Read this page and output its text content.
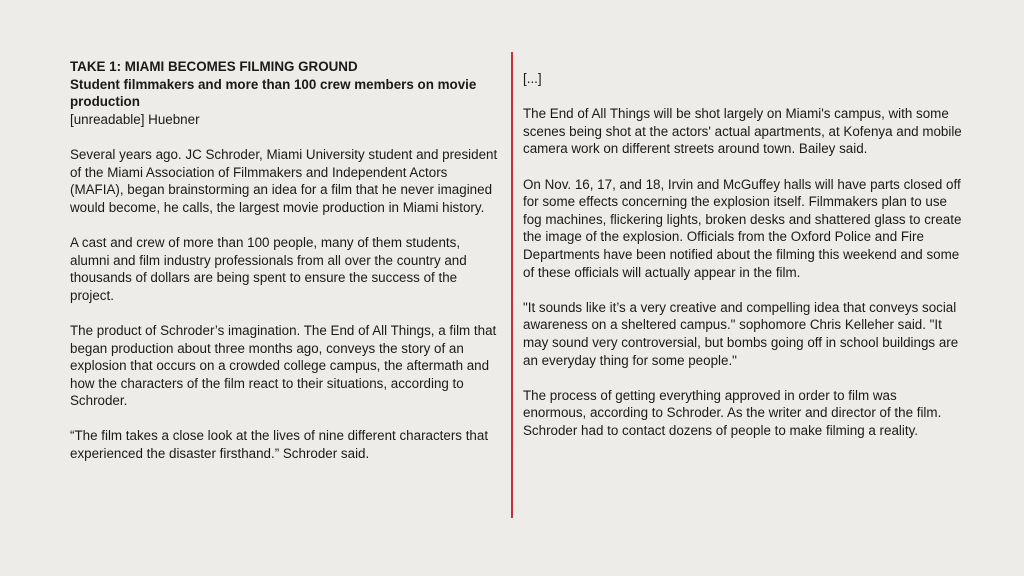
TAKE 1: MIAMI BECOMES FILMING GROUND
Student filmmakers and more than 100 crew members on movie production
[unreadable] Huebner

Several years ago. JC Schroder, Miami University student and president of the Miami Association of Filmmakers and Independent Actors (MAFIA), began brainstorming an idea for a film that he never imagined would become, he calls, the largest movie production in Miami history.

A cast and crew of more than 100 people, many of them students, alumni and film industry professionals from all over the country and thousands of dollars are being spent to ensure the success of the project.

The product of Schroder’s imagination. The End of All Things, a film that began production about three months ago, conveys the story of an explosion that occurs on a crowded college campus, the aftermath and how the characters of the film react to their situations, according to Schroder.

“The film takes a close look at the lives of nine different characters that experienced the disaster firsthand.” Schroder said.

[...]

The End of All Things will be shot largely on Miami's campus, with some scenes being shot at the actors' actual apartments, at Kofenya and mobile camera work on different streets around town. Bailey said.

On Nov. 16, 17, and 18, Irvin and McGuffey halls will have parts closed off for some effects concerning the explosion itself. Filmmakers plan to use fog machines, flickering lights, broken desks and shattered glass to create the image of the explosion. Officials from the Oxford Police and Fire Departments have been notified about the filming this weekend and some of these officials will actually appear in the film.

"It sounds like it’s a very creative and compelling idea that conveys social awareness on a sheltered campus." sophomore Chris Kelleher said. "It may sound very controversial, but bombs going off in school buildings are an everyday thing for some people."

The process of getting everything approved in order to film was enormous, according to Schroder. As the writer and director of the film. Schroder had to contact dozens of people to make filming a reality.
